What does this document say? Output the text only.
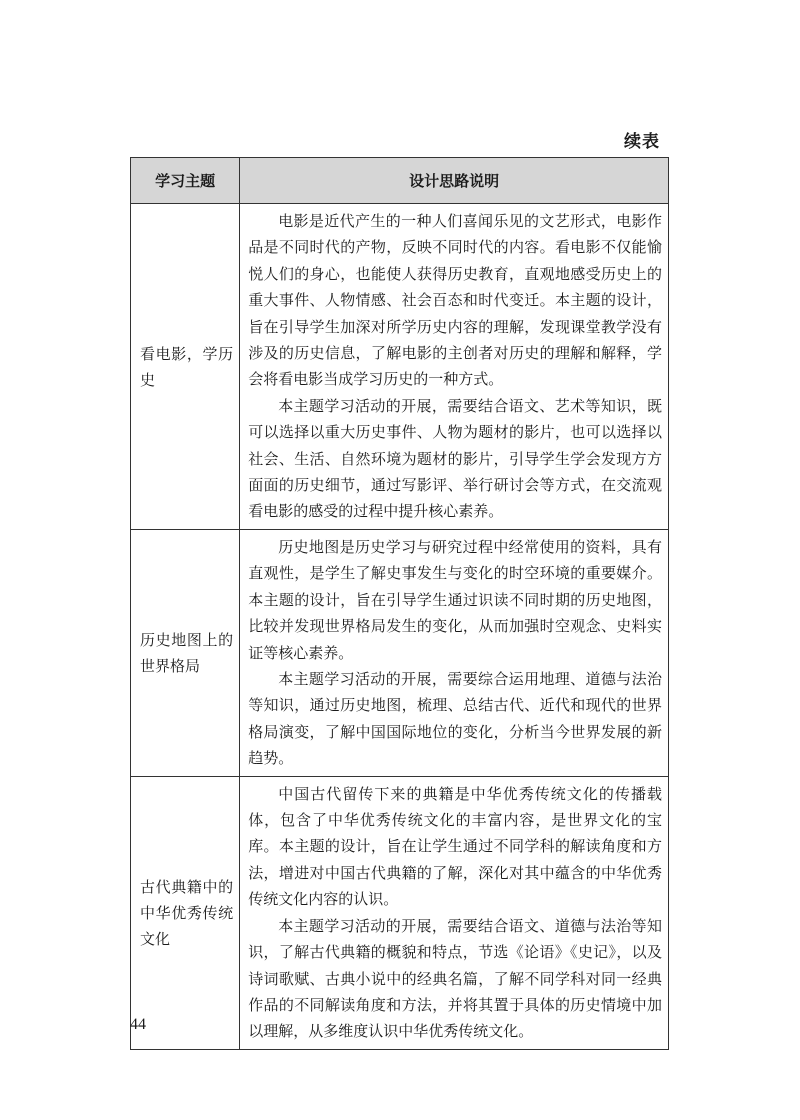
续表
学习主题	设计思路说明
看电影，学历史	电影是近代产生的一种人们喜闻乐见的文艺形式，电影作品是不同时代的产物，反映不同时代的内容。看电影不仅能愉悦人们的身心，也能使人获得历史教育，直观地感受历史上的重大事件、人物情感、社会百态和时代变迁。本主题的设计，旨在引导学生加深对所学历史内容的理解，发现课堂教学没有涉及的历史信息，了解电影的主创者对历史的理解和解释，学会将看电影当成学习历史的一种方式。

本主题学习活动的开展，需要结合语文、艺术等知识，既可以选择以重大历史事件、人物为题材的影片，也可以选择以社会、生活、自然环境为题材的影片，引导学生学会发现方方面面的历史细节，通过写影评、举行研讨会等方式，在交流观看电影的感受的过程中提升核心素养。

历史地图上的世界格局	历史地图是历史学习与研究过程中经常使用的资料，具有直观性，是学生了解史事发生与变化的时空环境的重要媒介。本主题的设计，旨在引导学生通过识读不同时期的历史地图，比较并发现世界格局发生的变化，从而加强时空观念、史料实证等核心素养。

本主题学习活动的开展，需要综合运用地理、道德与法治等知识，通过历史地图，梳理、总结古代、近代和现代的世界格局演变，了解中国国际地位的变化，分析当今世界发展的新趋势。

古代典籍中的中华优秀传统文化	中国古代留传下来的典籍是中华优秀传统文化的传播载体，包含了中华优秀传统文化的丰富内容，是世界文化的宝库。本主题的设计，旨在让学生通过不同学科的解读角度和方法，增进对中国古代典籍的了解，深化对其中蕴含的中华优秀传统文化内容的认识。

本主题学习活动的开展，需要结合语文、道德与法治等知识，了解古代典籍的概貌和特点，节选《论语》《史记》，以及诗词歌赋、古典小说中的经典名篇，了解不同学科对同一经典作品的不同解读角度和方法，并将其置于具体的历史情境中加以理解，从多维度认识中华优秀传统文化。

44
